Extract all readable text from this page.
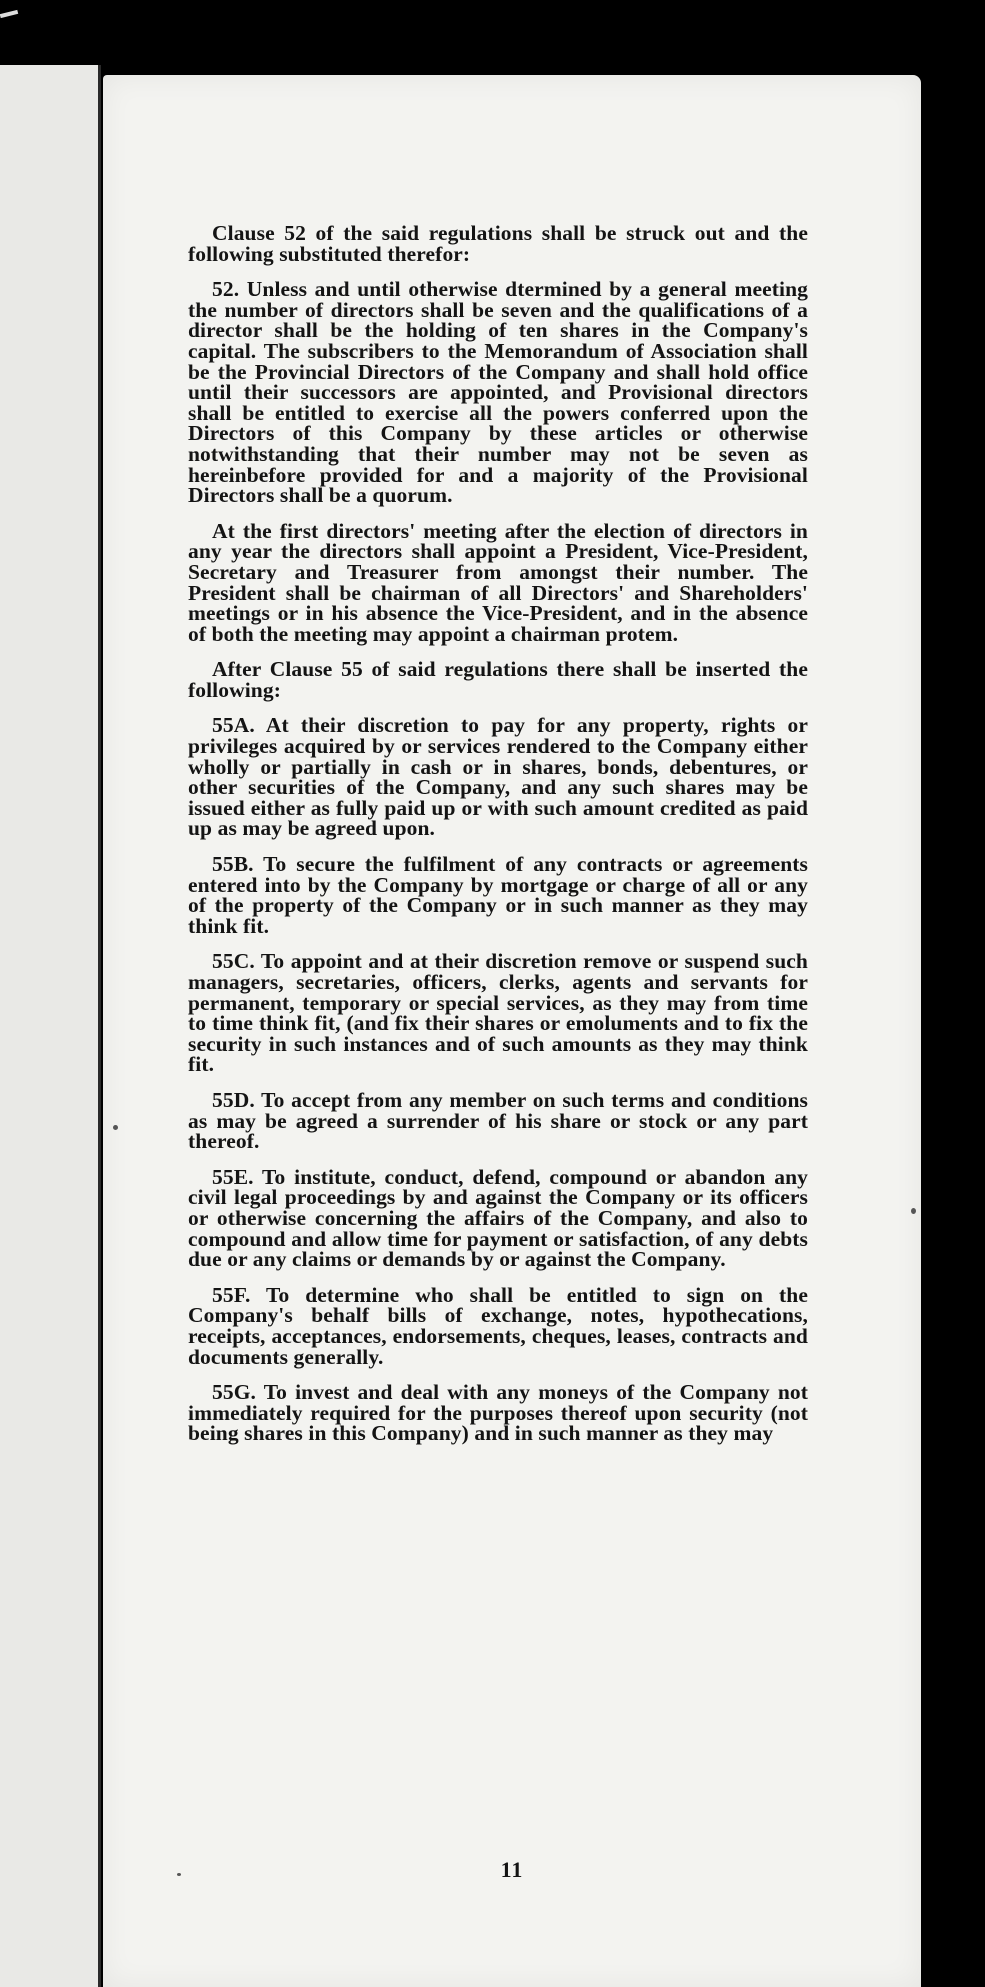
Clause 52 of the said regulations shall be struck out and the following substituted therefor:

52. Unless and until otherwise dtermined by a general meeting the number of directors shall be seven and the qualifications of a director shall be the holding of ten shares in the Company's capital. The subscribers to the Memorandum of Association shall be the Provincial Directors of the Company and shall hold office until their successors are appointed, and Provisional directors shall be entitled to exercise all the powers conferred upon the Directors of this Company by these articles or otherwise notwithstanding that their number may not be seven as hereinbefore provided for and a majority of the Provisional Directors shall be a quorum.

At the first directors' meeting after the election of directors in any year the directors shall appoint a President, Vice-President, Secretary and Treasurer from amongst their number. The President shall be chairman of all Directors' and Shareholders' meetings or in his absence the Vice-President, and in the absence of both the meeting may appoint a chairman protem.

After Clause 55 of said regulations there shall be inserted the following:

55A. At their discretion to pay for any property, rights or privileges acquired by or services rendered to the Company either wholly or partially in cash or in shares, bonds, debentures, or other securities of the Company, and any such shares may be issued either as fully paid up or with such amount credited as paid up as may be agreed upon.

55B. To secure the fulfilment of any contracts or agreements entered into by the Company by mortgage or charge of all or any of the property of the Company or in such manner as they may think fit.

55C. To appoint and at their discretion remove or suspend such managers, secretaries, officers, clerks, agents and servants for permanent, temporary or special services, as they may from time to time think fit, (and fix their shares or emoluments and to fix the security in such instances and of such amounts as they may think fit.

55D. To accept from any member on such terms and conditions as may be agreed a surrender of his share or stock or any part thereof.

55E. To institute, conduct, defend, compound or abandon any civil legal proceedings by and against the Company or its officers or otherwise concerning the affairs of the Company, and also to compound and allow time for payment or satisfaction, of any debts due or any claims or demands by or against the Company.

55F. To determine who shall be entitled to sign on the Company's behalf bills of exchange, notes, hypothecations, receipts, acceptances, endorsements, cheques, leases, contracts and documents generally.

55G. To invest and deal with any moneys of the Company not immediately required for the purposes thereof upon security (not being shares in this Company) and in such manner as they may

11
